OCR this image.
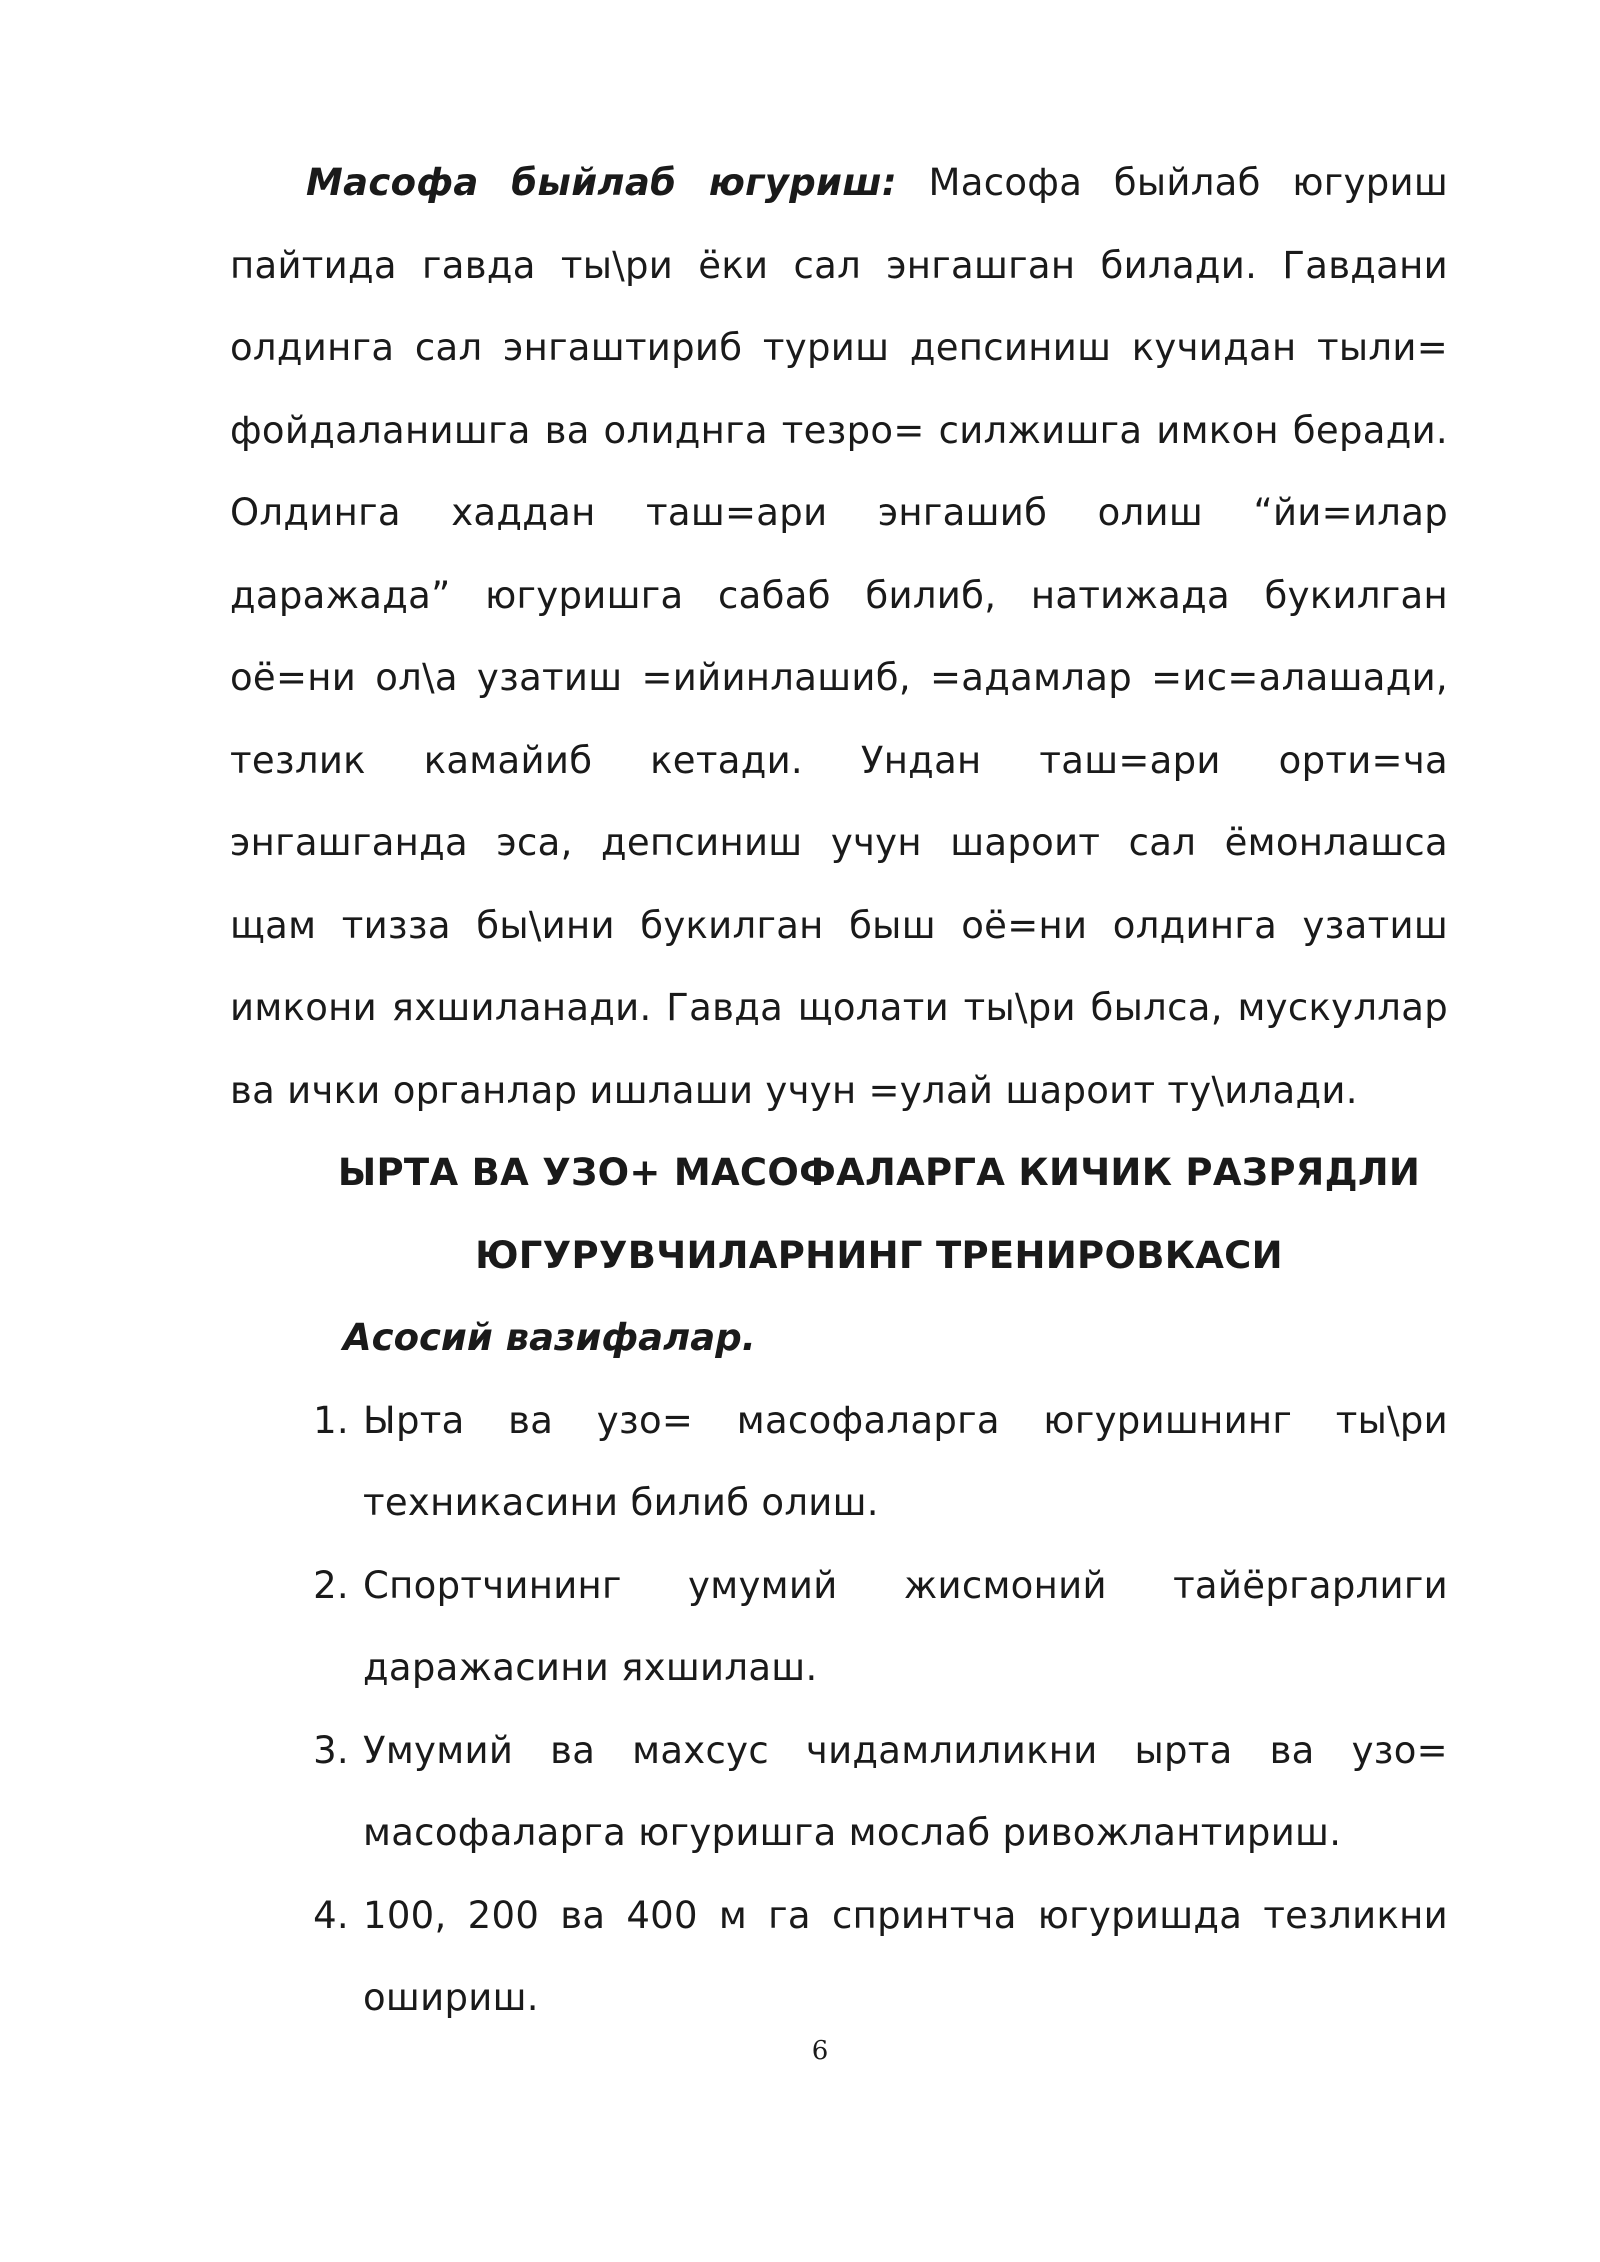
Масофа быйлаб югуриш: Масофа быйлаб югуриш пайтида гавда ты\ри ёки сал энгашган билади. Гавдани олдинга сал энгаштириб туриш депсиниш кучидан тыли= фойдаланишга ва олиднга тезро= силжишга имкон беради. Олдинга хаддан таш=ари энгашиб олиш “йи=илар даражада” югуришга сабаб билиб, натижада букилган оё=ни ол\а узатиш =ийинлашиб, =адамлар =ис=алашади, тезлик камайиб кетади. Ундан таш=ари орти=ча энгашганда эса, депсиниш учун шароит сал ёмонлашса щам тизза бы\ини букилган быш оё=ни олдинга узатиш имкони яхшиланади. Гавда щолати ты\ри былса, мускуллар ва ички органлар ишлаши учун =улай шароит ту\илади.

ЫРТА ВА УЗО+ МАСОФАЛАРГА КИЧИК РАЗРЯДЛИ

ЮГУРУВЧИЛАРНИНГ ТРЕНИРОВКАСИ

Асосий вазифалар.

1. Ырта ва узо= масофаларга югуришнинг ты\ри техникасини билиб олиш.
2. Спортчининг умумий жисмоний тайёргарлиги даражасини яхшилаш.
3. Умумий ва махсус чидамлиликни ырта ва узо= масофаларга югуришга мослаб ривожлантириш.
4. 100, 200 ва 400 м га спринтча югуришда тезликни ошириш.
6
